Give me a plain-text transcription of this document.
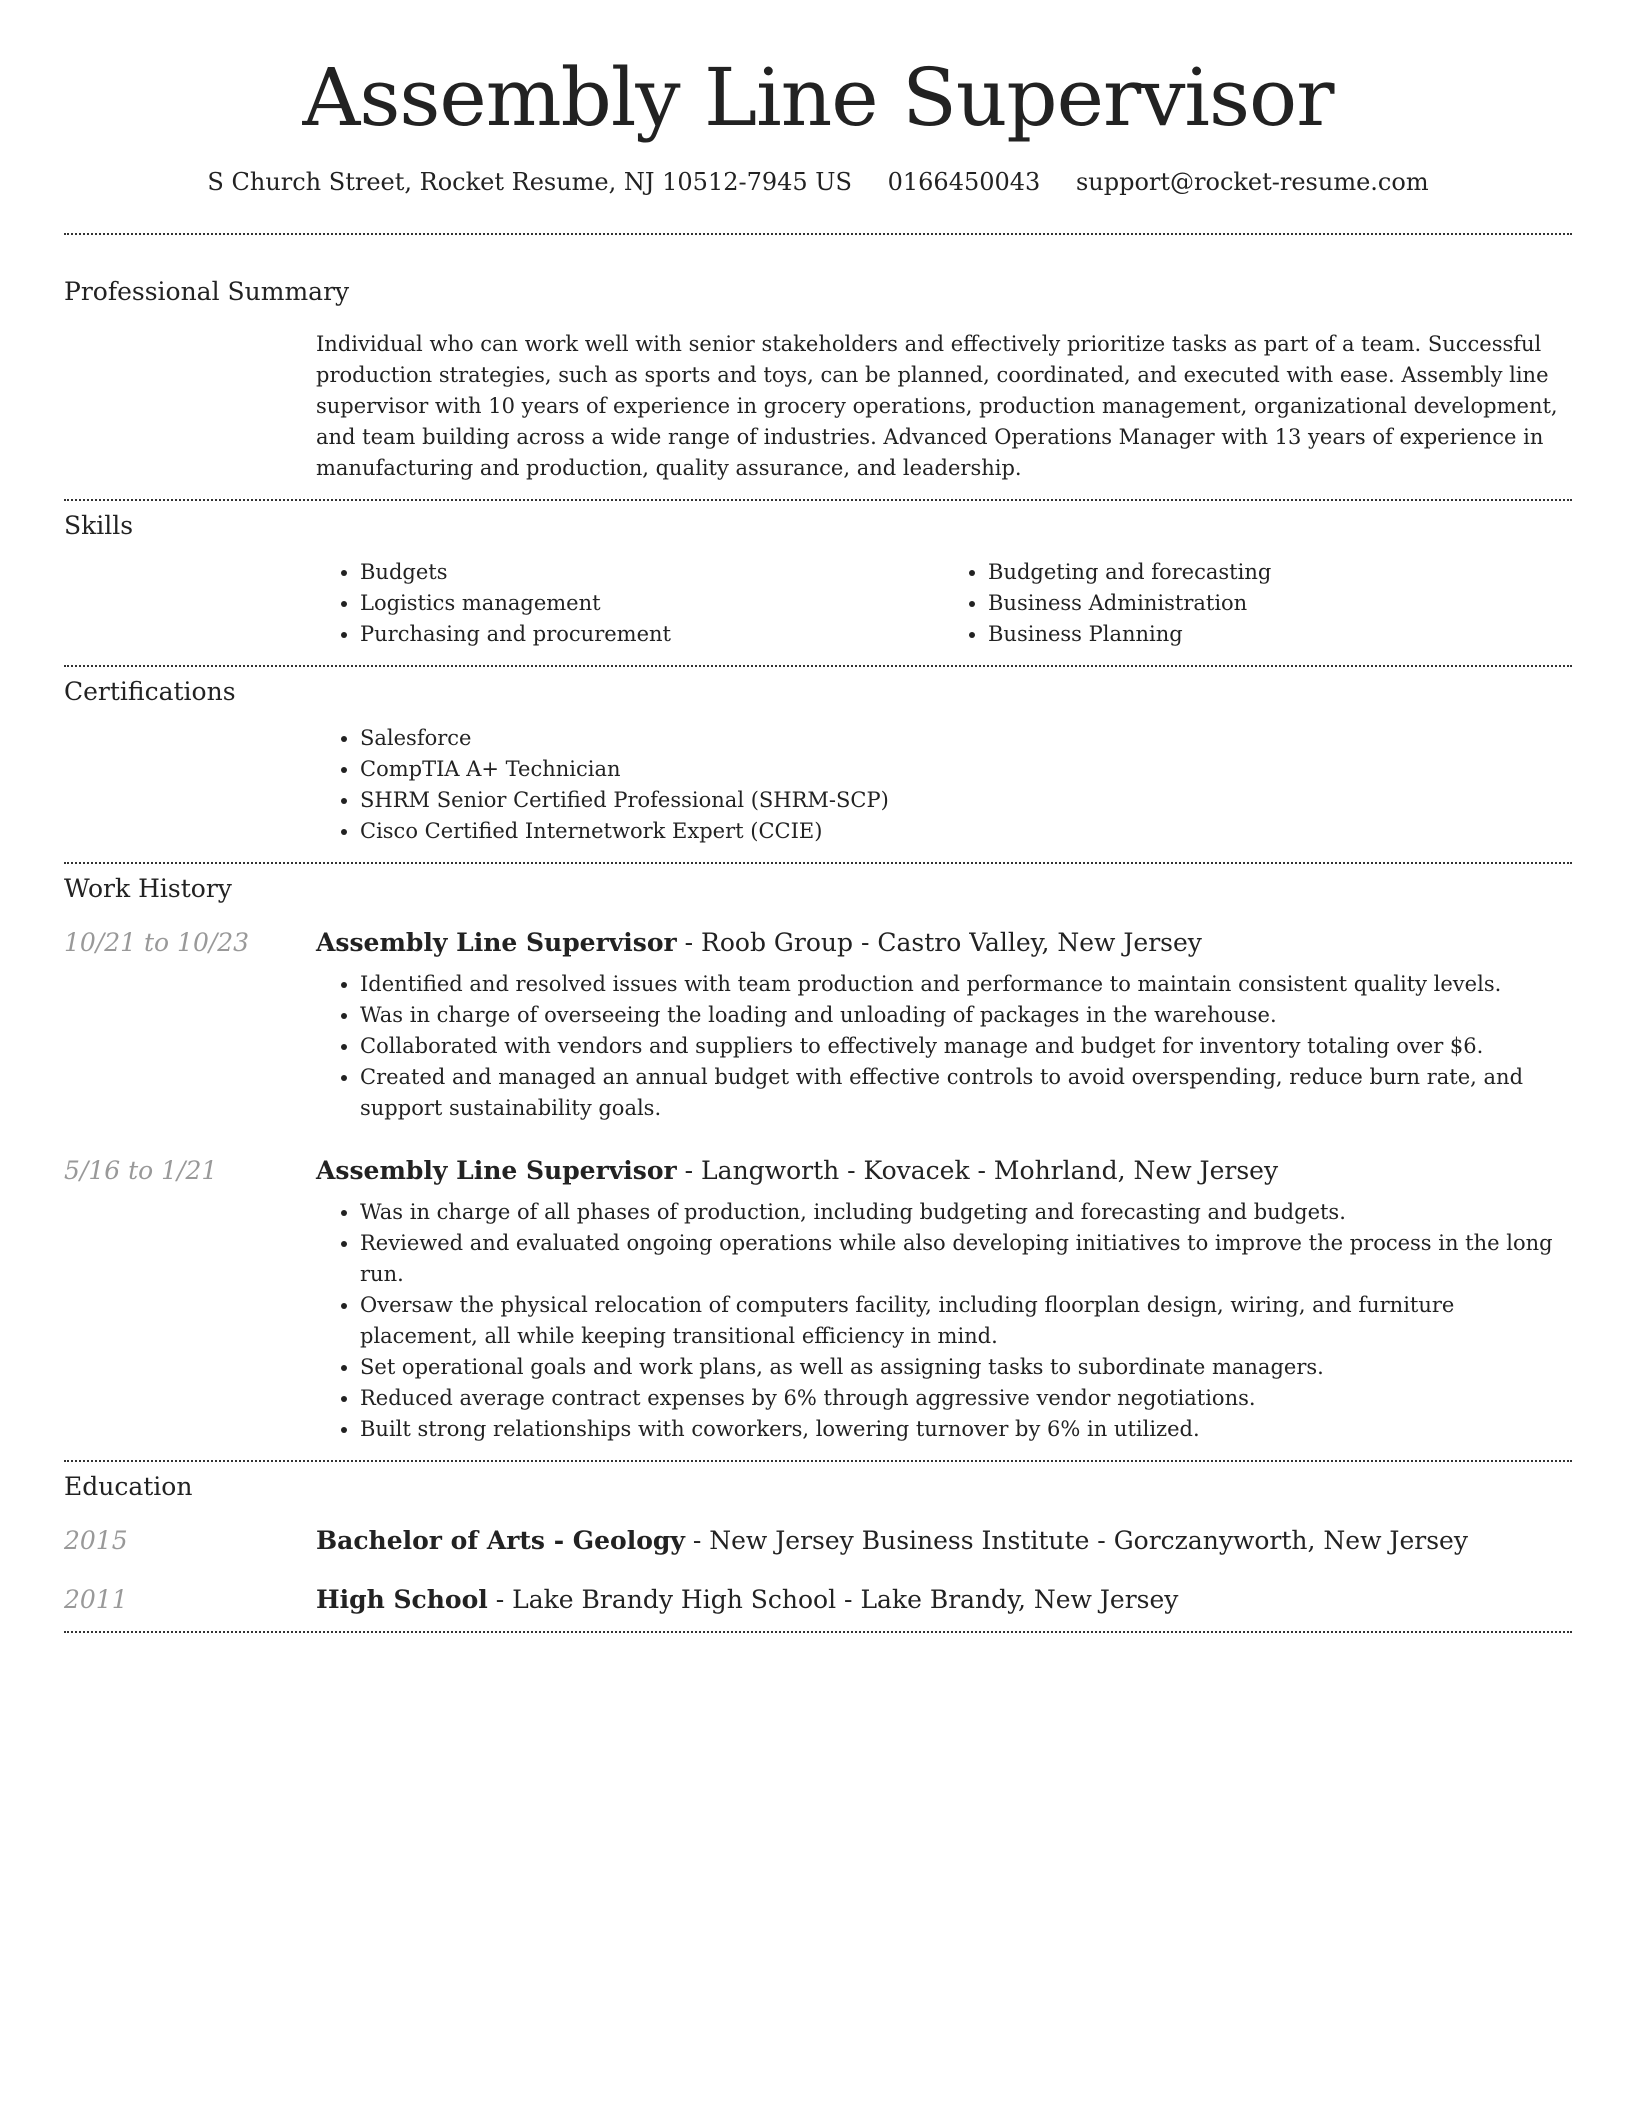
Assembly Line Supervisor
S Church Street, Rocket Resume, NJ 10512-7945 US 0166450043 support@rocket-resume.com
Professional Summary
Individual who can work well with senior stakeholders and effectively prioritize tasks as part of a team. Successful production strategies, such as sports and toys, can be planned, coordinated, and executed with ease. Assembly line supervisor with 10 years of experience in grocery operations, production management, organizational development, and team building across a wide range of industries. Advanced Operations Manager with 13 years of experience in manufacturing and production, quality assurance, and leadership.
Skills
• Budgets
• Logistics management
• Purchasing and procurement
• Budgeting and forecasting
• Business Administration
• Business Planning
Certifications
• Salesforce
• CompTIA A+ Technician
• SHRM Senior Certified Professional (SHRM-SCP)
• Cisco Certified Internetwork Expert (CCIE)
Work History
10/21 to 10/23	Assembly Line Supervisor - Roob Group - Castro Valley, New Jersey
• Identified and resolved issues with team production and performance to maintain consistent quality levels.
• Was in charge of overseeing the loading and unloading of packages in the warehouse.
• Collaborated with vendors and suppliers to effectively manage and budget for inventory totaling over $6.
• Created and managed an annual budget with effective controls to avoid overspending, reduce burn rate, and support sustainability goals.
5/16 to 1/21	Assembly Line Supervisor - Langworth - Kovacek - Mohrland, New Jersey
• Was in charge of all phases of production, including budgeting and forecasting and budgets.
• Reviewed and evaluated ongoing operations while also developing initiatives to improve the process in the long run.
• Oversaw the physical relocation of computers facility, including floorplan design, wiring, and furniture placement, all while keeping transitional efficiency in mind.
• Set operational goals and work plans, as well as assigning tasks to subordinate managers.
• Reduced average contract expenses by 6% through aggressive vendor negotiations.
• Built strong relationships with coworkers, lowering turnover by 6% in utilized.
Education
2015	Bachelor of Arts - Geology - New Jersey Business Institute - Gorczanyworth, New Jersey
2011	High School - Lake Brandy High School - Lake Brandy, New Jersey
